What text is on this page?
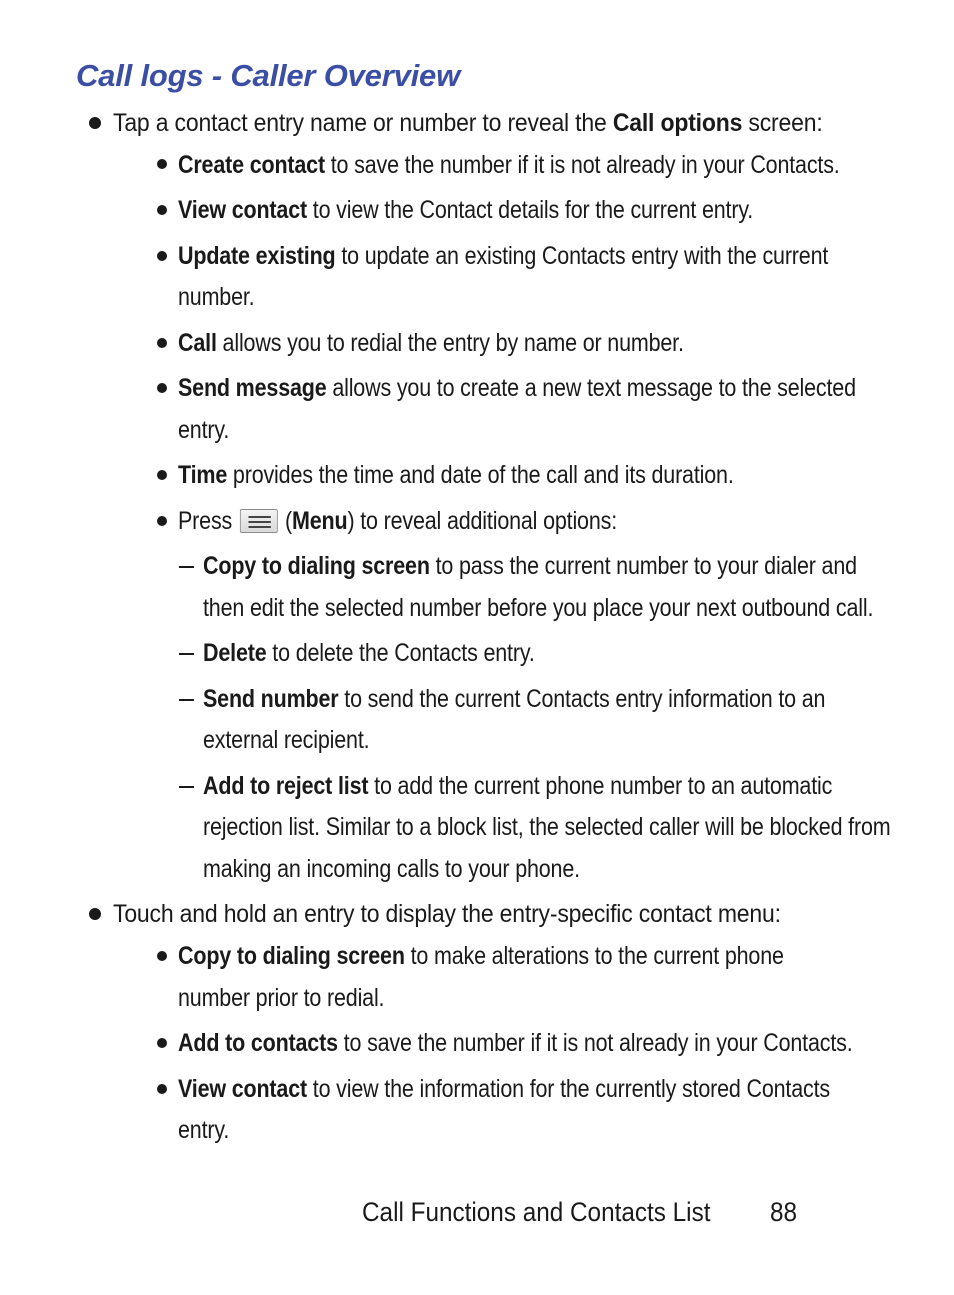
Call logs - Caller Overview
Tap a contact entry name or number to reveal the Call options screen:
Create contact to save the number if it is not already in your Contacts.
View contact to view the Contact details for the current entry.
Update existing to update an existing Contacts entry with the current
number.
Call allows you to redial the entry by name or number.
Send message allows you to create a new text message to the selected
entry.
Time provides the time and date of the call and its duration.
Press
(Menu) to reveal additional options:
Copy to dialing screen to pass the current number to your dialer and
then edit the selected number before you place your next outbound call.
Delete to delete the Contacts entry.
Send number to send the current Contacts entry information to an
external recipient.
Add to reject list to add the current phone number to an automatic
rejection list. Similar to a block list, the selected caller will be blocked from
making an incoming calls to your phone.
Touch and hold an entry to display the entry-specific contact menu:
Copy to dialing screen to make alterations to the current phone
number prior to redial.
Add to contacts to save the number if it is not already in your Contacts.
View contact to view the information for the currently stored Contacts
entry.
Call Functions and Contacts List 88
